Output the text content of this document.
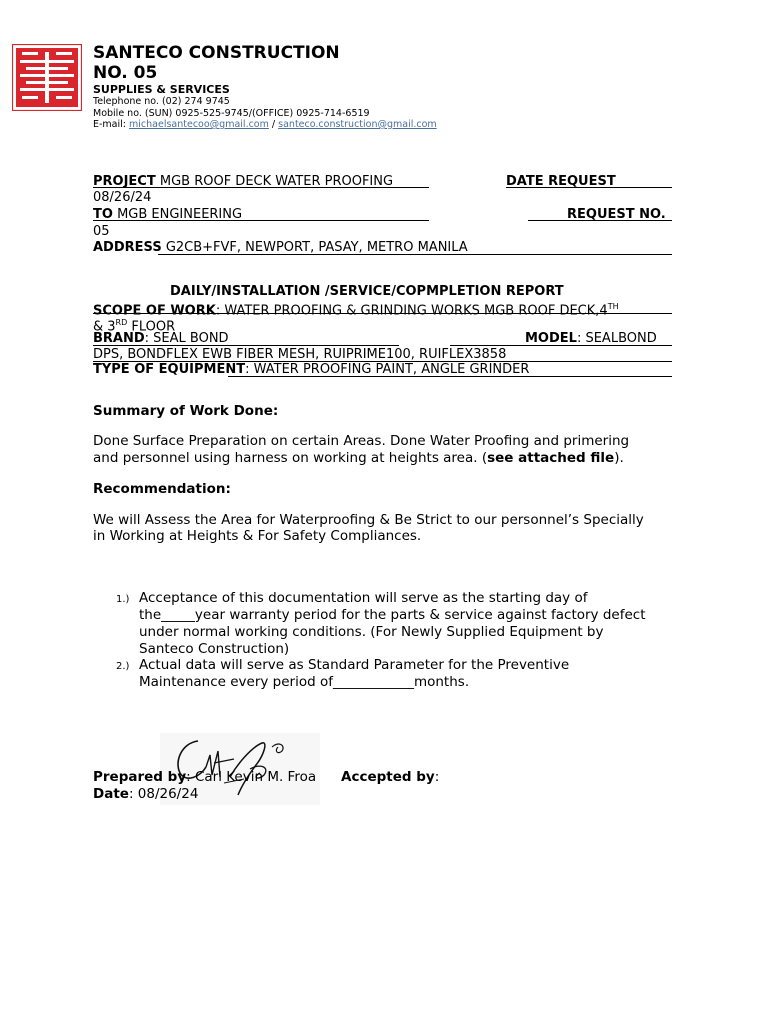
SANTECO CONSTRUCTION
NO. 05
SUPPLIES & SERVICES
Telephone no. (02) 274 9745
Mobile no. (SUN) 0925-525-9745/(OFFICE) 0925-714-6519
E-mail: michaelsantecoo@gmail.com / santeco.construction@gmail.com
PROJECT MGB ROOF DECK WATER PROOFING	DATE REQUEST
08/26/24
TO MGB ENGINEERING	REQUEST NO.
05
ADDRESS G2CB+FVF, NEWPORT, PASAY, METRO MANILA
DAILY/INSTALLATION /SERVICE/COPMPLETION REPORT
SCOPE OF WORK: WATER PROOFING & GRINDING WORKS MGB ROOF DECK,4TH
& 3RD FLOOR
BRAND: SEAL BOND	MODEL: SEALBOND
DPS, BONDFLEX EWB FIBER MESH, RUIPRIME100, RUIFLEX3858
TYPE OF EQUIPMENT: WATER PROOFING PAINT, ANGLE GRINDER
Summary of Work Done:
Done Surface Preparation on certain Areas. Done Water Proofing and primering
and personnel using harness on working at heights area. (see attached file).
Recommendation:
We will Assess the Area for Waterproofing & Be Strict to our personnel’s Specially
in Working at Heights & For Safety Compliances.
1.) Acceptance of this documentation will serve as the starting day of
the_____year warranty period for the parts & service against factory defect
under normal working conditions. (For Newly Supplied Equipment by
Santeco Construction)
2.) Actual data will serve as Standard Parameter for the Preventive
Maintenance every period of____________months.
Prepared by: Carl Kevin M. Froa Accepted by:
Date: 08/26/24
